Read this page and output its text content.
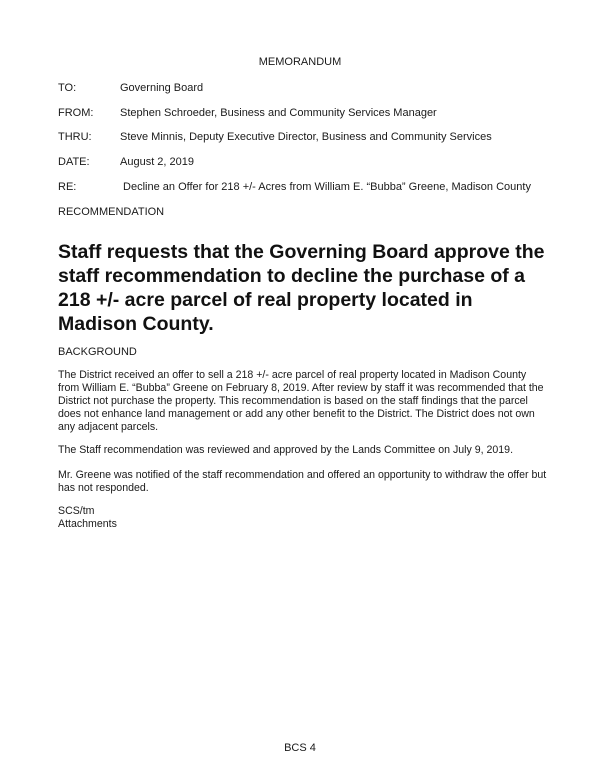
MEMORANDUM
TO:	Governing Board
FROM: Stephen Schroeder, Business and Community Services Manager
THRU:	Steve Minnis, Deputy Executive Director, Business and Community Services
DATE:	August 2, 2019
RE:	Decline an Offer for 218 +/- Acres from William E. “Bubba” Greene, Madison County
RECOMMENDATION
Staff requests that the Governing Board approve the staff recommendation to decline the purchase of a 218 +/- acre parcel of real property located in Madison County.
BACKGROUND
The District received an offer to sell a 218 +/- acre parcel of real property located in Madison County from William E. “Bubba” Greene on February 8, 2019. After review by staff it was recommended that the District not purchase the property. This recommendation is based on the staff findings that the parcel does not enhance land management or add any other benefit to the District. The District does not own any adjacent parcels.
The Staff recommendation was reviewed and approved by the Lands Committee on July 9, 2019.
Mr. Greene was notified of the staff recommendation and offered an opportunity to withdraw the offer but has not responded.
SCS/tm
Attachments
BCS 4
